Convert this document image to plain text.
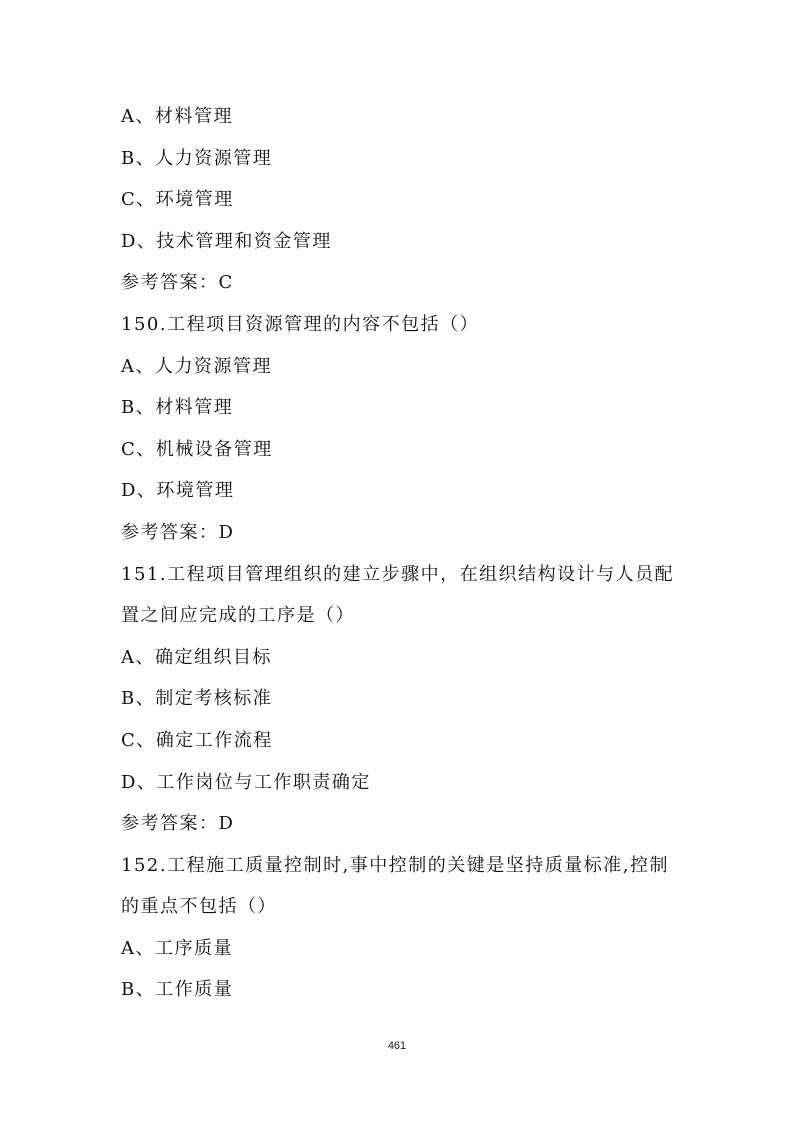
A、材料管理
B、人力资源管理
C、环境管理
D、技术管理和资金管理
参考答案：C
150.工程项目资源管理的内容不包括（）
A、人力资源管理
B、材料管理
C、机械设备管理
D、环境管理
参考答案：D
151.工程项目管理组织的建立步骤中，在组织结构设计与人员配
置之间应完成的工序是（）
A、确定组织目标
B、制定考核标准
C、确定工作流程
D、工作岗位与工作职责确定
参考答案：D
152.工程施工质量控制时,事中控制的关键是坚持质量标准,控制
的重点不包括（）
A、工序质量
B、工作质量
461
